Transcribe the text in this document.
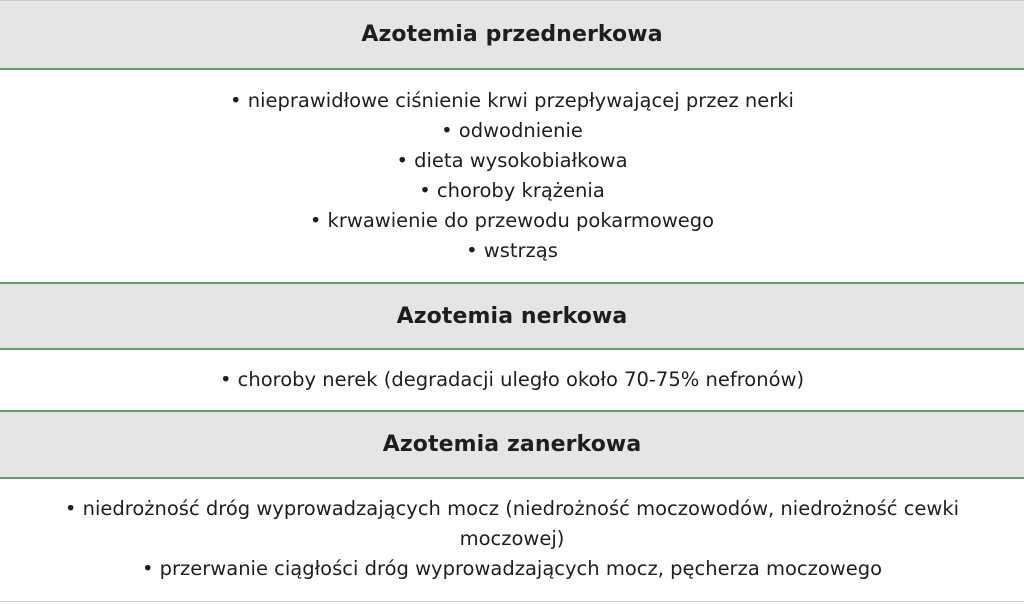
Azotemia przednerkowa
• nieprawidłowe ciśnienie krwi przepływającej przez nerki
• odwodnienie
• dieta wysokobiałkowa
• choroby krążenia
• krwawienie do przewodu pokarmowego
• wstrząs
Azotemia nerkowa
• choroby nerek (degradacji uległo około 70-75% nefronów)
Azotemia zanerkowa
• niedrożność dróg wyprowadzających mocz (niedrożność moczowodów, niedrożność cewki
moczowej)
• przerwanie ciągłości dróg wyprowadzających mocz, pęcherza moczowego
